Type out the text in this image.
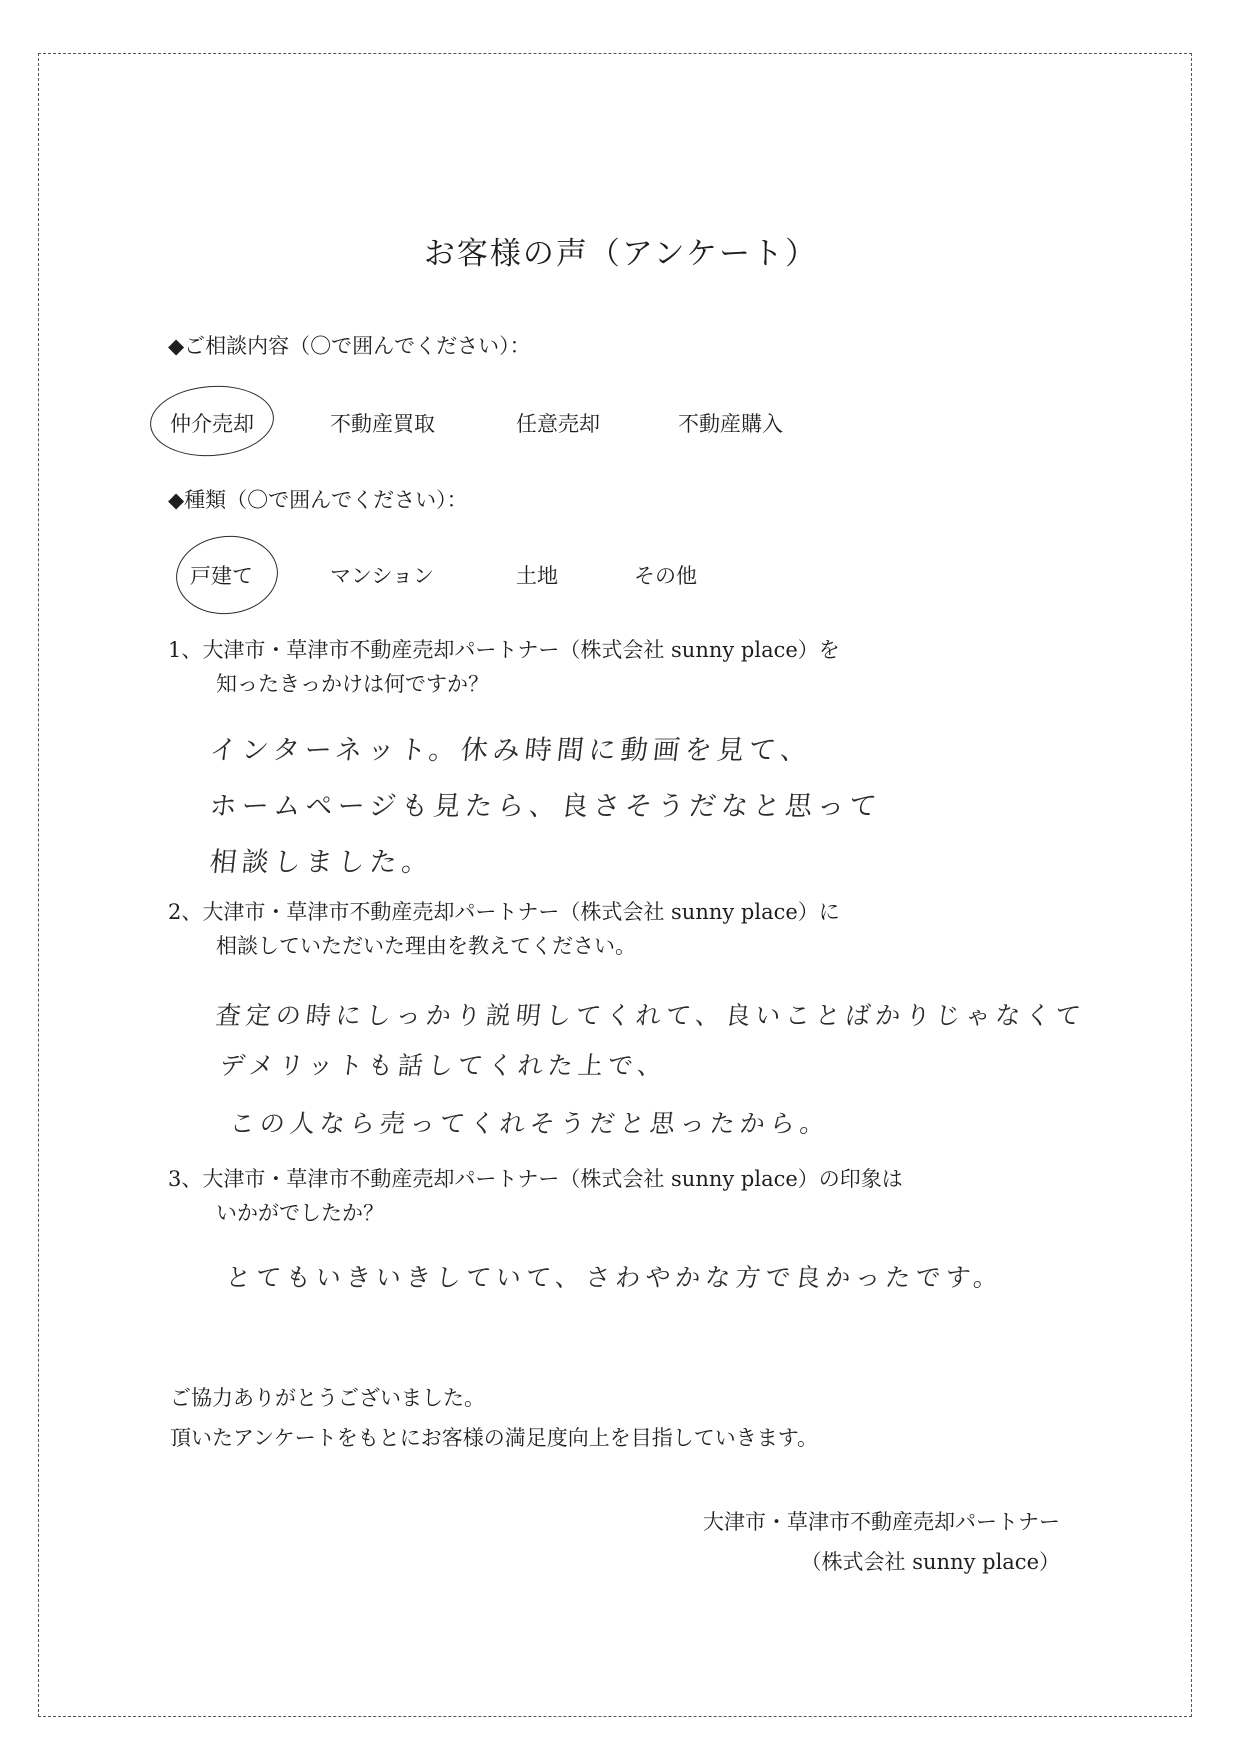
お客様の声（アンケート）
◆ご相談内容（〇で囲んでください）：
仲介売却	不動産買取	任意売却	不動産購入
◆種類（〇で囲んでください）：
戸建て	マンション	土地	その他
1、大津市・草津市不動産売却パートナー（株式会社 sunny place）を
知ったきっかけは何ですか？
インターネット。休み時間に動画を見て、
ホームページも見たら、良さそうだなと思って
相談しました。
2、大津市・草津市不動産売却パートナー（株式会社 sunny place）に
相談していただいた理由を教えてください。
査定の時にしっかり説明してくれて、良いことばかりじゃなくて
デメリットも話してくれた上で、
この人なら売ってくれそうだと思ったから。
3、大津市・草津市不動産売却パートナー（株式会社 sunny place）の印象は
いかがでしたか？
とてもいきいきしていて、さわやかな方で良かったです。
ご協力ありがとうございました。
頂いたアンケートをもとにお客様の満足度向上を目指していきます。
大津市・草津市不動産売却パートナー
（株式会社 sunny place）
